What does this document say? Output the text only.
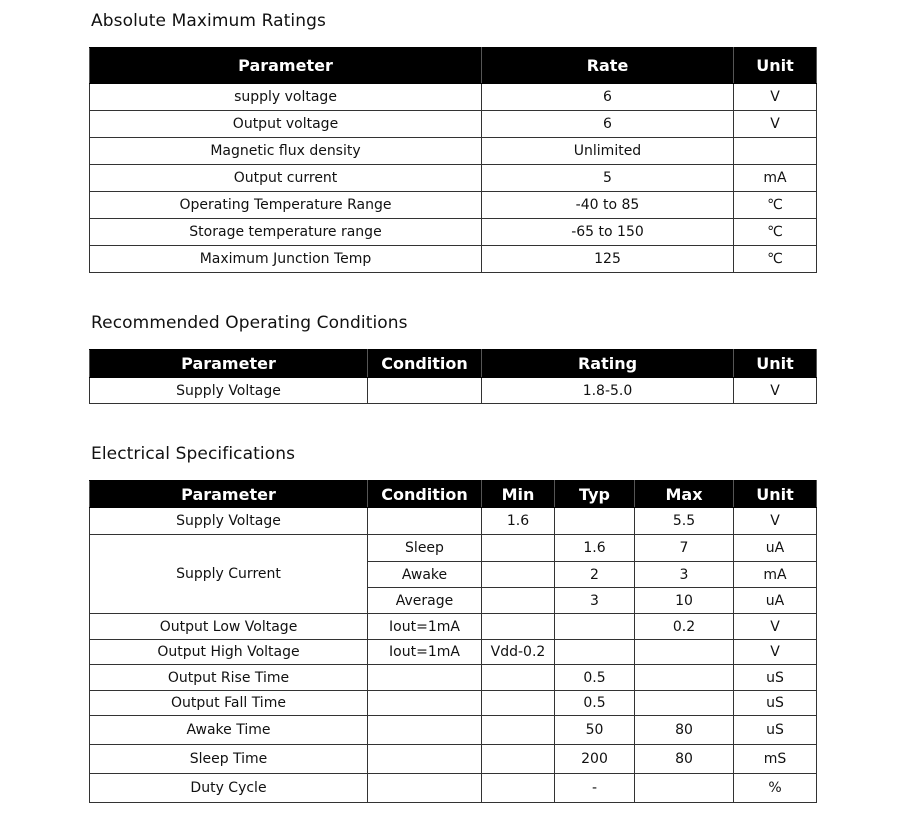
Absolute Maximum Ratings
Parameter	Rate	Unit
supply voltage	6	V
Output voltage	6	V
Magnetic flux density	Unlimited	
Output current	5	mA
Operating Temperature Range	-40 to 85	℃
Storage temperature range	-65 to 150	℃
Maximum Junction Temp	125	℃
Recommended Operating Conditions
Parameter	Condition	Rating	Unit
Supply Voltage		1.8-5.0	V
Electrical Specifications
Parameter	Condition	Min	Typ	Max	Unit
Supply Voltage		1.6		5.5	V
Supply Current	Sleep		1.6	7	uA
	Awake		2	3	mA
	Average		3	10	uA
Output Low Voltage	Iout=1mA			0.2	V
Output High Voltage	Iout=1mA	Vdd-0.2			V
Output Rise Time			0.5		uS
Output Fall Time			0.5		uS
Awake Time			50	80	uS
Sleep Time			200	80	mS
Duty Cycle			-		%
